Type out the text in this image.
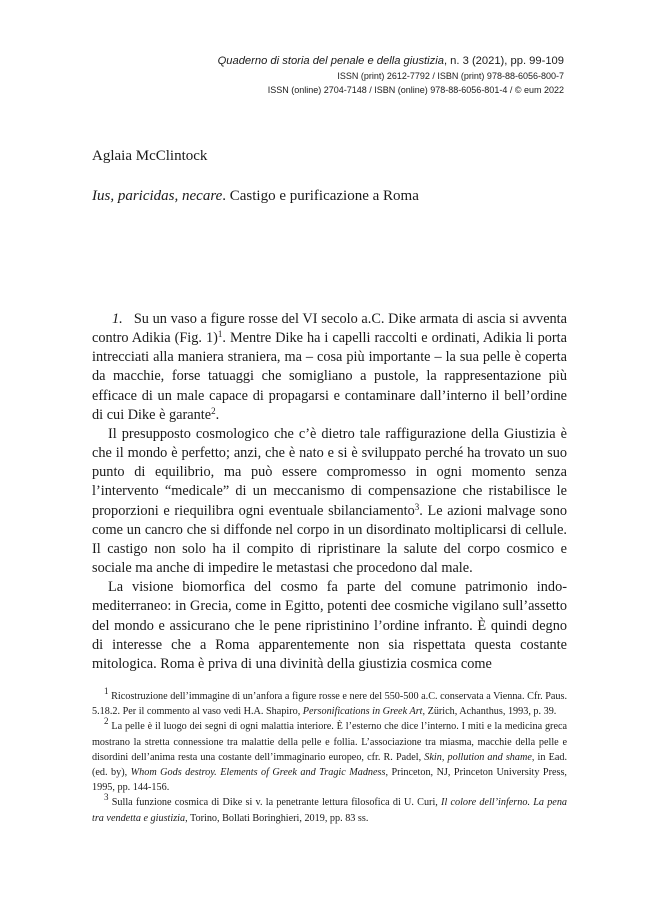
Quaderno di storia del penale e della giustizia, n. 3 (2021), pp. 99-109
ISSN (print) 2612-7792 / ISBN (print) 978-88-6056-800-7
ISSN (online) 2704-7148 / ISBN (online) 978-88-6056-801-4 / © eum 2022
Aglaia McClintock
Ius, paricidas, necare. Castigo e purificazione a Roma

1. Su un vaso a figure rosse del VI secolo a.C. Dike armata di ascia si avventa contro Adikia (Fig. 1)$^1$. Mentre Dike ha i capelli raccolti e ordinati, Adikia li porta intrecciati alla maniera straniera, ma – cosa più importante – la sua pelle è coperta da macchie, forse tatuaggi che somigliano a pustole, la rappresentazione più efficace di un male capace di propagarsi e contaminare dall’interno il bell’ordine di cui Dike è garante$^2$.

Il presupposto cosmologico che c’è dietro tale raffigurazione della Giustizia è che il mondo è perfetto; anzi, che è nato e si è sviluppato perché ha trovato un suo punto di equilibrio, ma può essere compromesso in ogni momento senza l’intervento “medicale” di un meccanismo di compensazione che ristabilisce le proporzioni e riequilibra ogni eventuale sbilanciamento$^3$. Le azioni malvage sono come un cancro che si diffonde nel corpo in un disordinato moltiplicarsi di cellule. Il castigo non solo ha il compito di ripristinare la salute del corpo cosmico e sociale ma anche di impedire le metastasi che procedono dal male.

La visione biomorfica del cosmo fa parte del comune patrimonio indo-mediterraneo: in Grecia, come in Egitto, potenti dee cosmiche vigilano sull’assetto del mondo e assicurano che le pene ripristinino l’ordine infranto. È quindi degno di interesse che a Roma apparentemente non sia rispettata questa costante mitologica. Roma è priva di una divinità della giustizia cosmica come

$^1$ Ricostruzione dell’immagine di un’anfora a figure rosse e nere del 550-500 a.C. conservata a Vienna. Cfr. Paus. 5.18.2. Per il commento al vaso vedi H.A. Shapiro, Personifications in Greek Art, Zürich, Achanthus, 1993, p. 39.

$^2$ La pelle è il luogo dei segni di ogni malattia interiore. È l’esterno che dice l’interno. I miti e la medicina greca mostrano la stretta connessione tra malattie della pelle e follia. L’associazione tra miasma, macchie della pelle e disordini dell’anima resta una costante dell’immaginario europeo, cfr. R. Padel, Skin, pollution and shame, in Ead. (ed. by), Whom Gods destroy. Elements of Greek and Tragic Madness, Princeton, NJ, Princeton University Press, 1995, pp. 144-156.

$^3$ Sulla funzione cosmica di Dike si v. la penetrante lettura filosofica di U. Curi, Il colore dell’inferno. La pena tra vendetta e giustizia, Torino, Bollati Boringhieri, 2019, pp. 83 ss.
